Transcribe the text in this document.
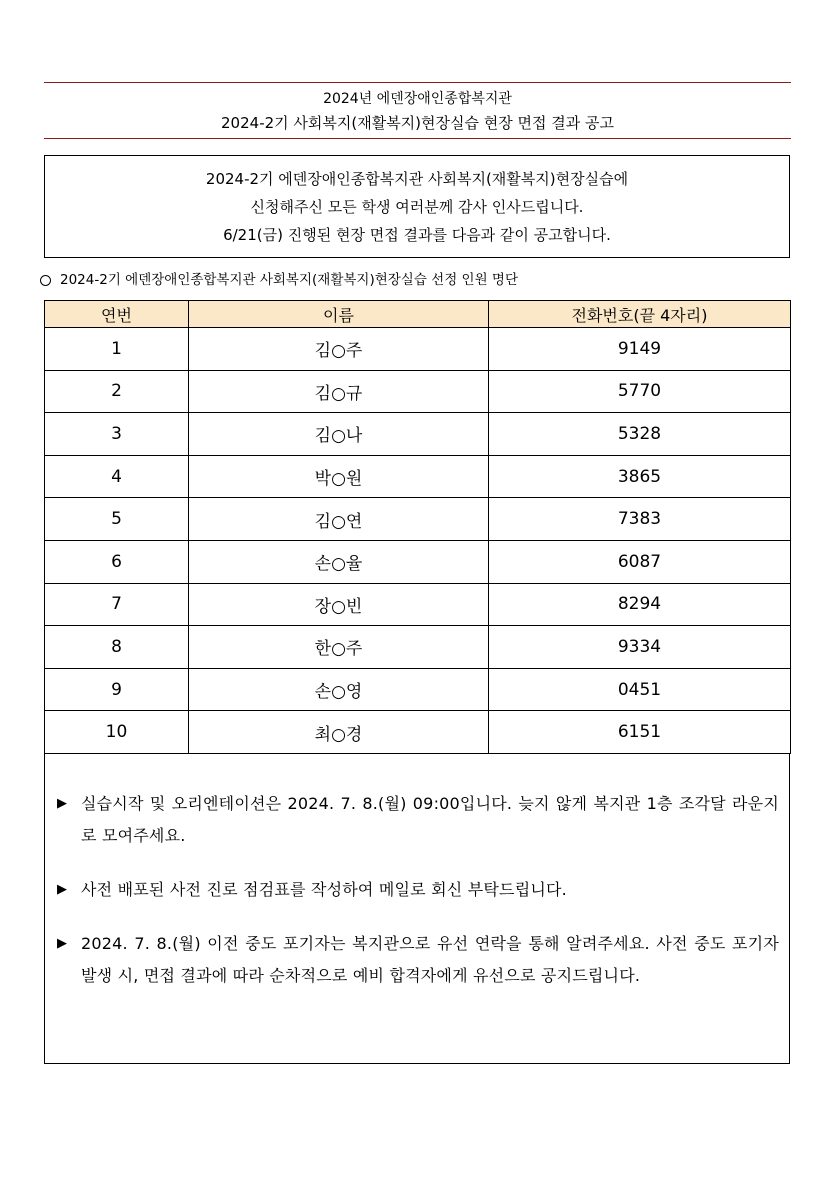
2024년 에덴장애인종합복지관
2024-2기 사회복지(재활복지)현장실습 현장 면접 결과 공고
2024-2기 에덴장애인종합복지관 사회복지(재활복지)현장실습에
신청해주신 모든 학생 여러분께 감사 인사드립니다.
6/21(금) 진행된 현장 면접 결과를 다음과 같이 공고합니다.
2024-2기 에덴장애인종합복지관 사회복지(재활복지)현장실습 선정 인원 명단
연번	이름	전화번호(끝 4자리)
1	김○주	9149
2	김○규	5770
3	김○나	5328
4	박○원	3865
5	김○연	7383
6	손○율	6087
7	장○빈	8294
8	한○주	9334
9	손○영	0451
10	최○경	6151
▶ 실습시작 및 오리엔테이션은 2024. 7. 8.(월) 09:00입니다. 늦지 않게 복지관 1층 조각달 라운지로 모여주세요.
▶ 사전 배포된 사전 진로 점검표를 작성하여 메일로 회신 부탁드립니다.
▶ 2024. 7. 8.(월) 이전 중도 포기자는 복지관으로 유선 연락을 통해 알려주세요. 사전 중도 포기자 발생 시, 면접 결과에 따라 순차적으로 예비 합격자에게 유선으로 공지드립니다.
